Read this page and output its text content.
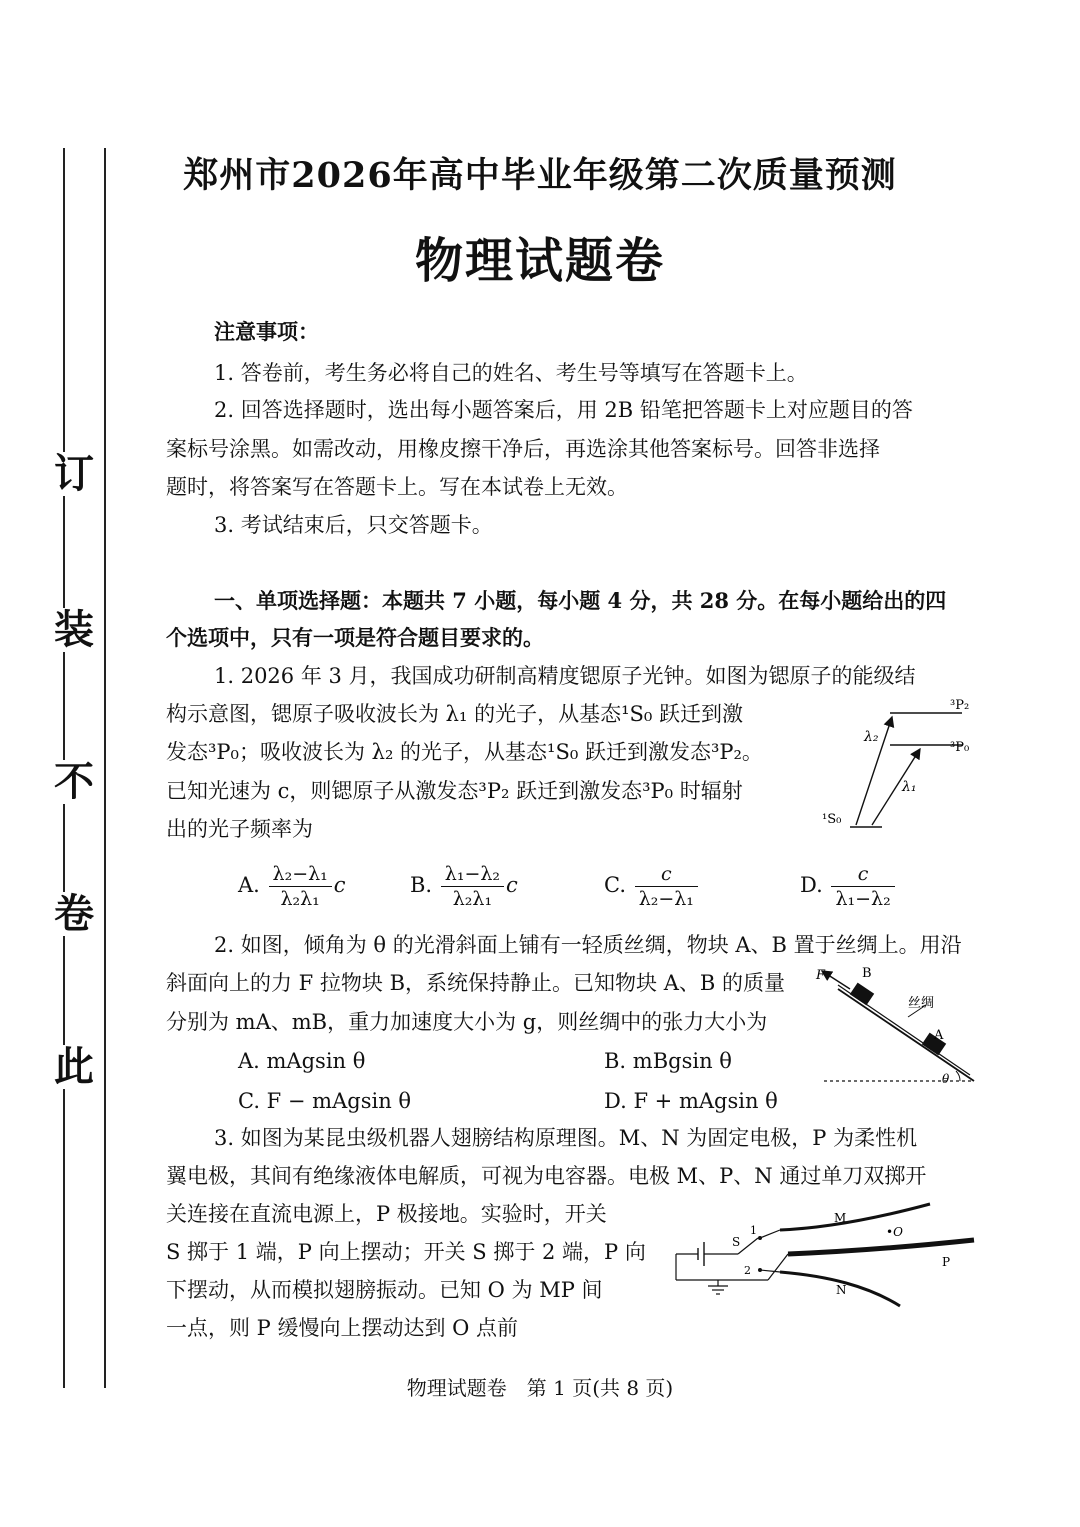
此
卷
不
装
订
郑州市2026年高中毕业年级第二次质量预测
物理试题卷
注意事项：
1. 答卷前，考生务必将自己的姓名、考生号等填写在答题卡上。
2. 回答选择题时，选出每小题答案后，用 2B 铅笔把答题卡上对应题目的答
案标号涂黑。如需改动，用橡皮擦干净后，再选涂其他答案标号。回答非选择
题时，将答案写在答题卡上。写在本试卷上无效。
3. 考试结束后，只交答题卡。
一、单项选择题：本题共 7 小题，每小题 4 分，共 28 分。在每小题给出的四
个选项中，只有一项是符合题目要求的。
1. 2026 年 3 月，我国成功研制高精度锶原子光钟。如图为锶原子的能级结
构示意图，锶原子吸收波长为 λ₁ 的光子，从基态¹S₀ 跃迁到激
发态³P₀；吸收波长为 λ₂ 的光子，从基态¹S₀ 跃迁到激发态³P₂。
已知光速为 c，则锶原子从激发态³P₂ 跃迁到激发态³P₀ 时辐射
出的光子频率为
³P₂
³P₀
¹S₀
λ₂
λ₁
A. $\frac{\text{λ₂−λ₁}}{\text{λ₂λ₁}}$ c	B. $\frac{\text{λ₁−λ₂}}{\text{λ₂λ₁}}$ c	C. $\frac{c}{\text{λ₂−λ₁}}$	D. $\frac{c}{\text{λ₁−λ₂}}$
2. 如图，倾角为 θ 的光滑斜面上铺有一轻质丝绸，物块 A、B 置于丝绸上。用沿
斜面向上的力 F 拉物块 B，系统保持静止。已知物块 A、B 的质量
分别为 mA、mB，重力加速度大小为 g，则丝绸中的张力大小为
F	B
A
丝绸
θ
A. mAgsin θ	B. mBgsin θ
C. F − mAgsin θ	D. F + mAgsin θ
3. 如图为某昆虫级机器人翅膀结构原理图。M、N 为固定电极，P 为柔性机
翼电极，其间有绝缘液体电解质，可视为电容器。电极 M、P、N 通过单刀双掷开
关连接在直流电源上，P 极接地。实验时，开关
S 掷于 1 端，P 向上摆动；开关 S 掷于 2 端，P 向
下摆动，从而模拟翅膀振动。已知 O 为 MP 间
一点，则 P 缓慢向上摆动达到 O 点前
M
•O
P
N
S
1
2
物理试题卷　第 1 页(共 8 页)
